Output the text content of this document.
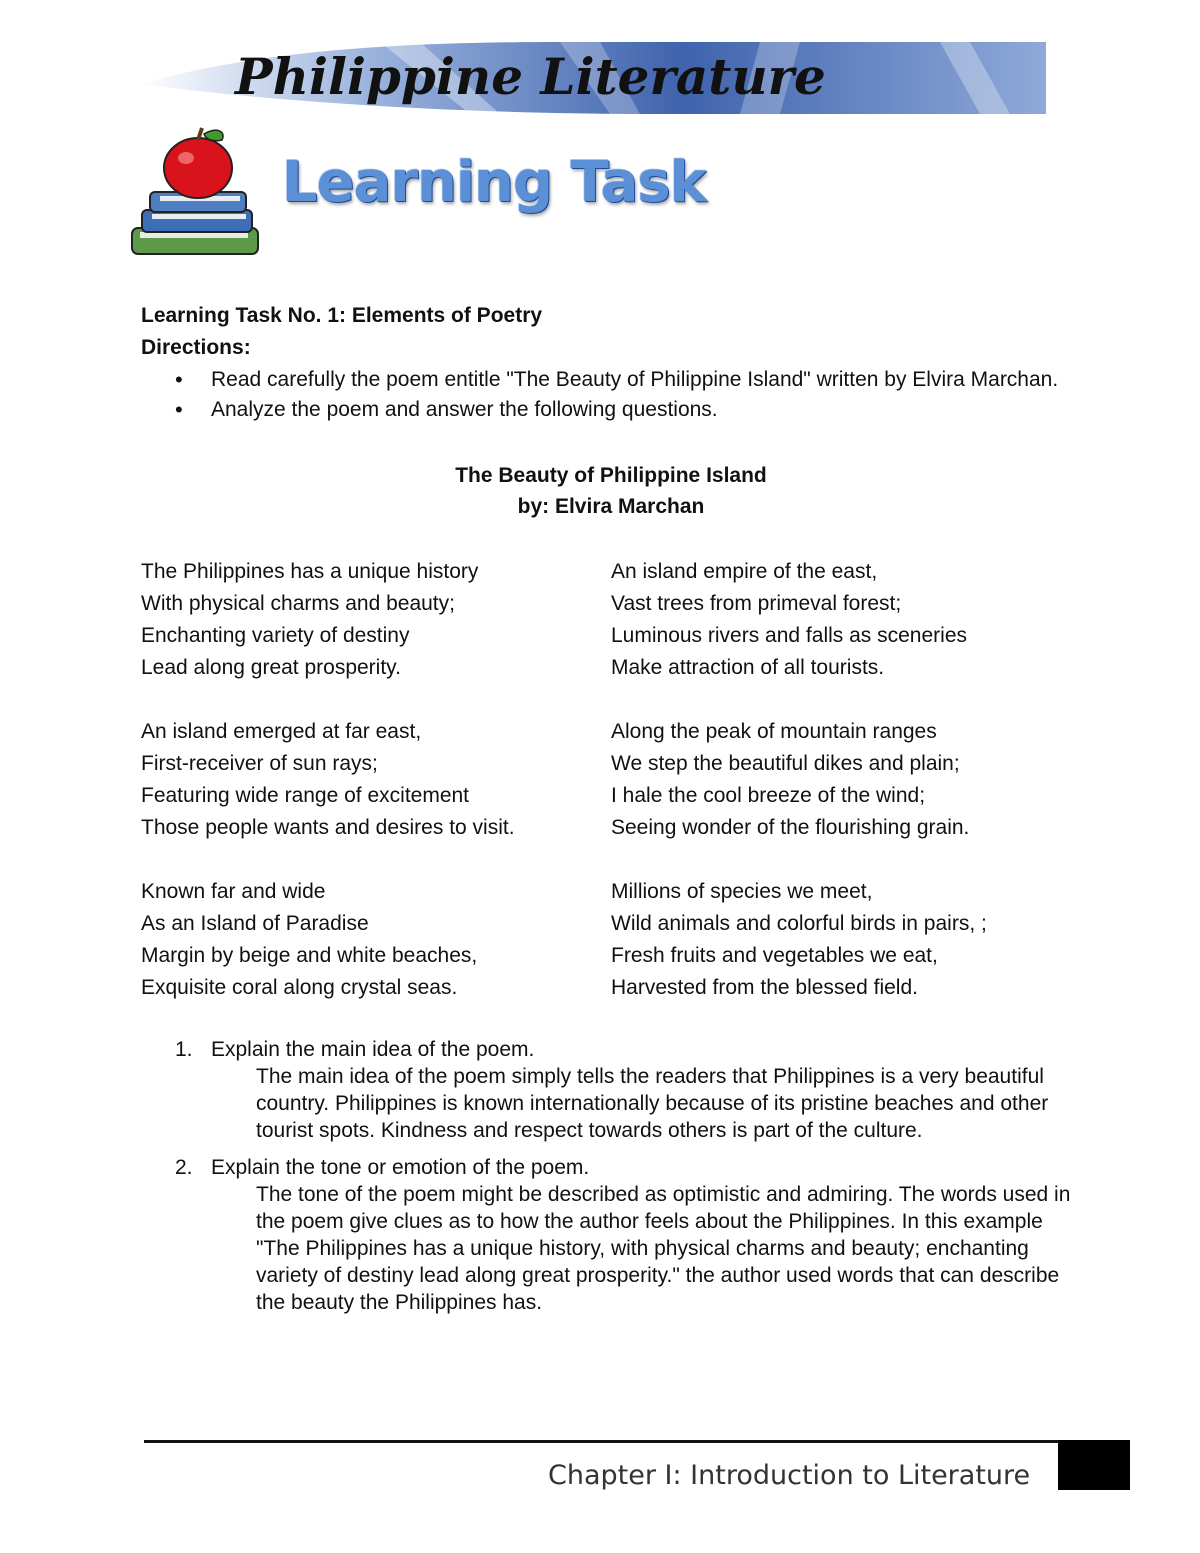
Philippine Literature
Learning Task
Learning Task No. 1: Elements of Poetry
Directions:
• Read carefully the poem entitle "The Beauty of Philippine Island" written by Elvira Marchan.
• Analyze the poem and answer the following questions.
The Beauty of Philippine Island
by: Elvira Marchan
The Philippines has a unique history
With physical charms and beauty;
Enchanting variety of destiny
Lead along great prosperity.
An island emerged at far east,
First-receiver of sun rays;
Featuring wide range of excitement
Those people wants and desires to visit.
Known far and wide
As an Island of Paradise
Margin by beige and white beaches,
Exquisite coral along crystal seas.
An island empire of the east,
Vast trees from primeval forest;
Luminous rivers and falls as sceneries
Make attraction of all tourists.
Along the peak of mountain ranges
We step the beautiful dikes and plain;
I hale the cool breeze of the wind;
Seeing wonder of the flourishing grain.
Millions of species we meet,
Wild animals and colorful birds in pairs, ;
Fresh fruits and vegetables we eat,
Harvested from the blessed field.
1. Explain the main idea of the poem.
The main idea of the poem simply tells the readers that Philippines is a very beautiful country. Philippines is known internationally because of its pristine beaches and other tourist spots. Kindness and respect towards others is part of the culture.
2. Explain the tone or emotion of the poem.
The tone of the poem might be described as optimistic and admiring. The words used in the poem give clues as to how the author feels about the Philippines. In this example "The Philippines has a unique history, with physical charms and beauty; enchanting variety of destiny lead along great prosperity." the author used words that can describe the beauty the Philippines has.
Chapter I: Introduction to Literature
